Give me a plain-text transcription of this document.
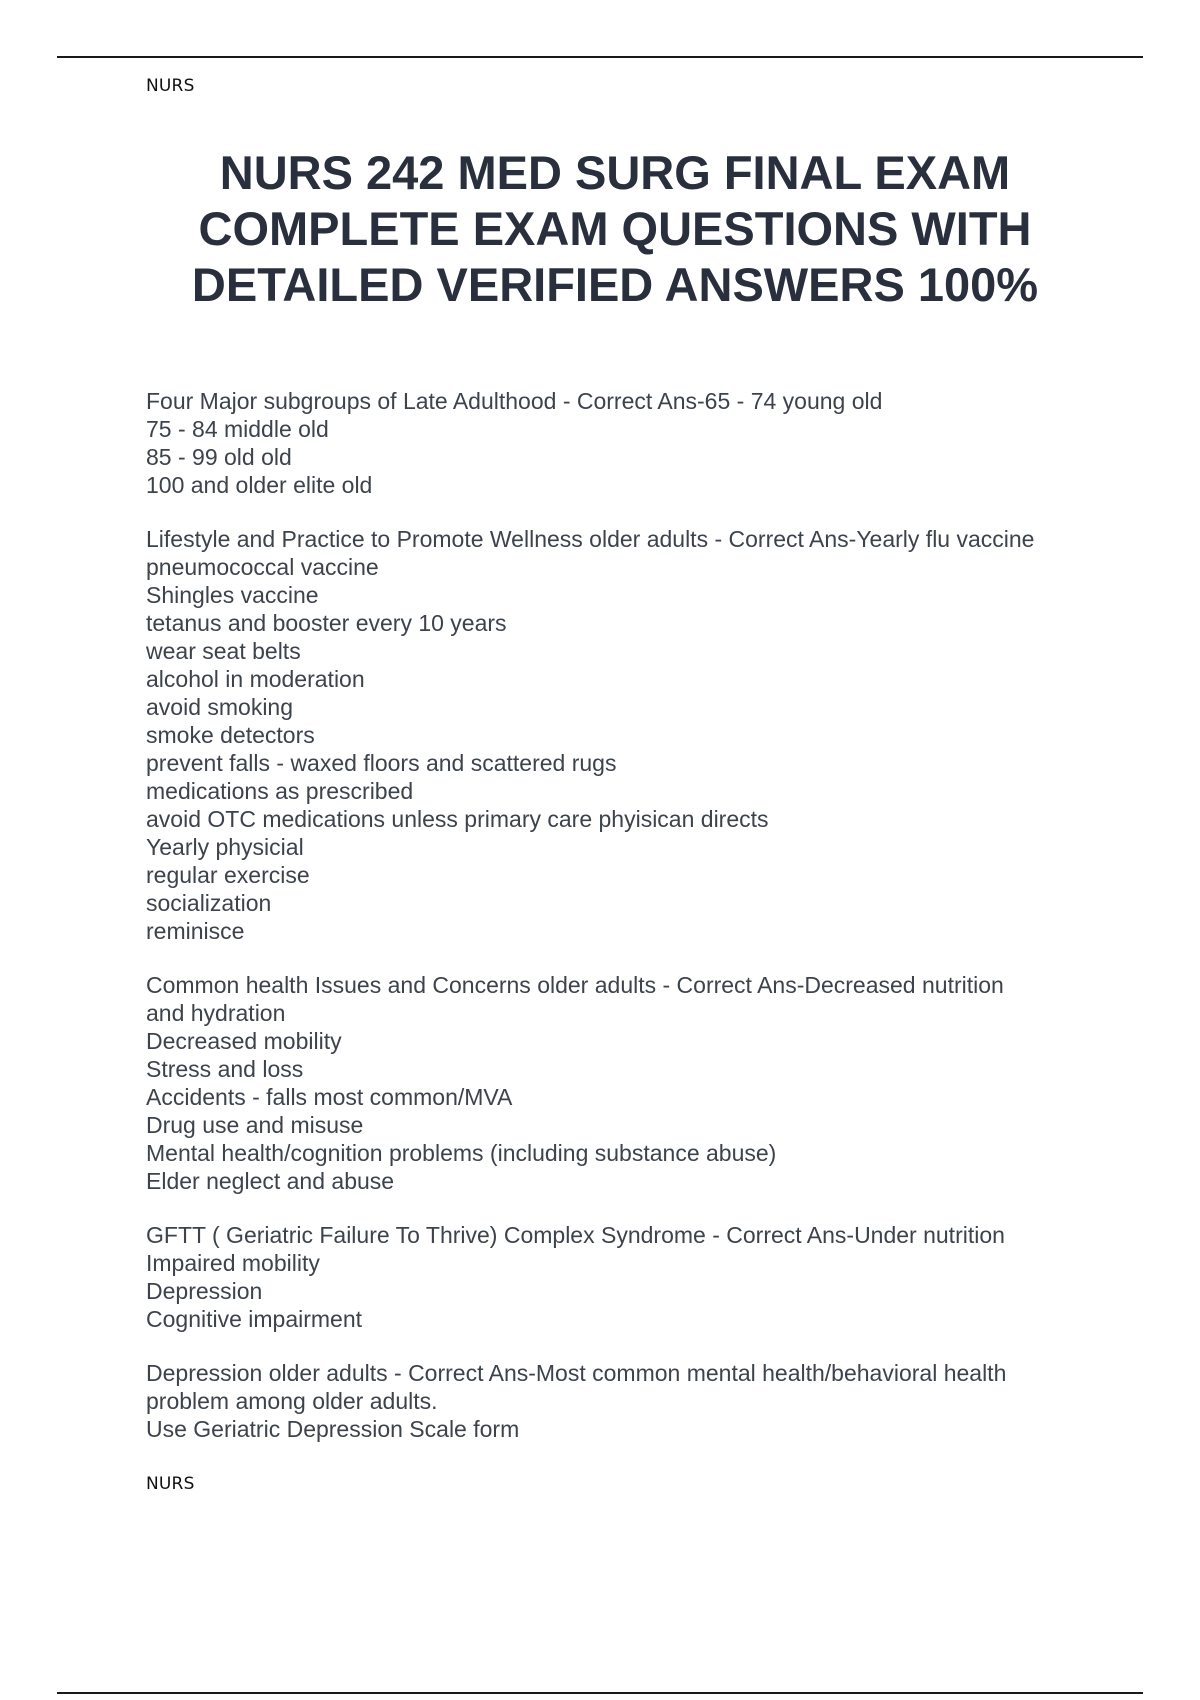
NURS
NURS 242 MED SURG FINAL EXAM
COMPLETE EXAM QUESTIONS WITH
DETAILED VERIFIED ANSWERS 100%

Four Major subgroups of Late Adulthood - Correct Ans-65 - 74 young old
75 - 84 middle old
85 - 99 old old
100 and older elite old

Lifestyle and Practice to Promote Wellness older adults - Correct Ans-Yearly flu vaccine
pneumococcal vaccine
Shingles vaccine
tetanus and booster every 10 years
wear seat belts
alcohol in moderation
avoid smoking
smoke detectors
prevent falls - waxed floors and scattered rugs
medications as prescribed
avoid OTC medications unless primary care phyisican directs
Yearly physicial
regular exercise
socialization
reminisce

Common health Issues and Concerns older adults - Correct Ans-Decreased nutrition
and hydration
Decreased mobility
Stress and loss
Accidents - falls most common/MVA
Drug use and misuse
Mental health/cognition problems (including substance abuse)
Elder neglect and abuse

GFTT ( Geriatric Failure To Thrive) Complex Syndrome - Correct Ans-Under nutrition
Impaired mobility
Depression
Cognitive impairment

Depression older adults - Correct Ans-Most common mental health/behavioral health
problem among older adults.
Use Geriatric Depression Scale form

NURS
